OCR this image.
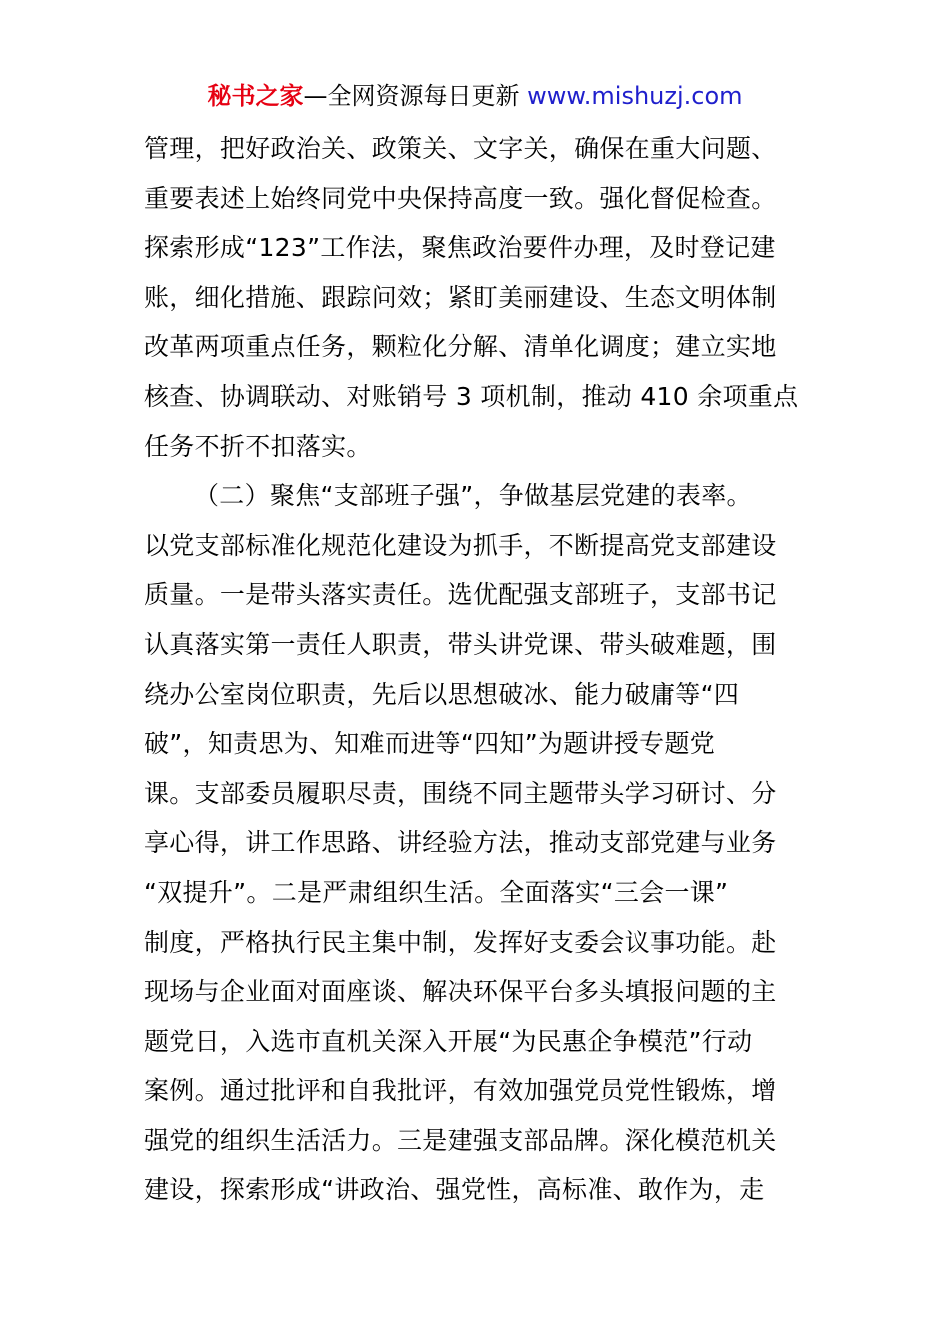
秘书之家—全网资源每日更新 www.mishuzj.com
管理，把好政治关、政策关、文字关，确保在重大问题、
重要表述上始终同党中央保持高度一致。强化督促检查。
探索形成“123”工作法，聚焦政治要件办理，及时登记建
账，细化措施、跟踪问效；紧盯美丽建设、生态文明体制
改革两项重点任务，颗粒化分解、清单化调度；建立实地
核查、协调联动、对账销号 3 项机制，推动 410 余项重点
任务不折不扣落实。
（二）聚焦“支部班子强”，争做基层党建的表率。
以党支部标准化规范化建设为抓手，不断提高党支部建设
质量。一是带头落实责任。选优配强支部班子，支部书记
认真落实第一责任人职责，带头讲党课、带头破难题，围
绕办公室岗位职责，先后以思想破冰、能力破庸等“四
破”，知责思为、知难而进等“四知”为题讲授专题党
课。支部委员履职尽责，围绕不同主题带头学习研讨、分
享心得，讲工作思路、讲经验方法，推动支部党建与业务
“双提升”。二是严肃组织生活。全面落实“三会一课”
制度，严格执行民主集中制，发挥好支委会议事功能。赴
现场与企业面对面座谈、解决环保平台多头填报问题的主
题党日，入选市直机关深入开展“为民惠企争模范”行动
案例。通过批评和自我批评，有效加强党员党性锻炼，增
强党的组织生活活力。三是建强支部品牌。深化模范机关
建设，探索形成“讲政治、强党性，高标准、敢作为，走
